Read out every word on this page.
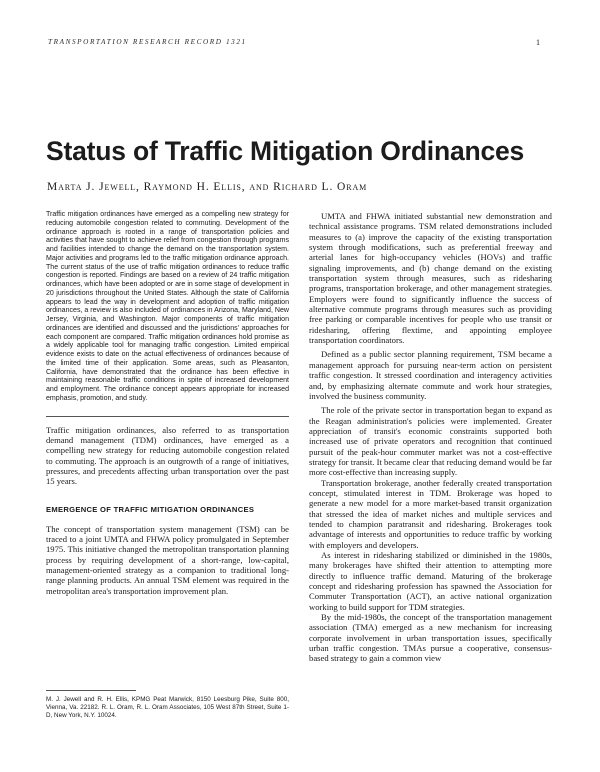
TRANSPORTATION RESEARCH RECORD 1321	1
Status of Traffic Mitigation Ordinances
Marta J. Jewell, Raymond H. Ellis, and Richard L. Oram

Traffic mitigation ordinances have emerged as a compelling new strategy for reducing automobile congestion related to commuting. Development of the ordinance approach is rooted in a range of transportation policies and activities that have sought to achieve relief from congestion through programs and facilities intended to change the demand on the transportation system. Major activities and programs led to the traffic mitigation ordinance approach. The current status of the use of traffic mitigation ordinances to reduce traffic congestion is reported. Findings are based on a review of 24 traffic mitigation ordinances, which have been adopted or are in some stage of development in 20 jurisdictions throughout the United States. Although the state of California appears to lead the way in development and adoption of traffic mitigation ordinances, a review is also included of ordinances in Arizona, Maryland, New Jersey, Virginia, and Washington. Major components of traffic mitigation ordinances are identified and discussed and the jurisdictions' approaches for each component are compared. Traffic mitigation ordinances hold promise as a widely applicable tool for managing traffic congestion. Limited empirical evidence exists to date on the actual effectiveness of ordinances because of the limited time of their application. Some areas, such as Pleasanton, California, have demonstrated that the ordinance has been effective in maintaining reasonable traffic conditions in spite of increased development and employment. The ordinance concept appears appropriate for increased emphasis, promotion, and study.

Traffic mitigation ordinances, also referred to as transportation demand management (TDM) ordinances, have emerged as a compelling new strategy for reducing automobile congestion related to commuting. The approach is an outgrowth of a range of initiatives, pressures, and precedents affecting urban transportation over the past 15 years.

EMERGENCE OF TRAFFIC MITIGATION ORDINANCES

The concept of transportation system management (TSM) can be traced to a joint UMTA and FHWA policy promulgated in September 1975. This initiative changed the metropolitan transportation planning process by requiring development of a short-range, low-capital, management-oriented strategy as a companion to traditional long-range planning products. An annual TSM element was required in the metropolitan area's transportation improvement plan.

M. J. Jewell and R. H. Ellis, KPMG Peat Marwick, 8150 Leesburg Pike, Suite 800, Vienna, Va. 22182. R. L. Oram, R. L. Oram Associates, 105 West 87th Street, Suite 1-D, New York, N.Y. 10024.

UMTA and FHWA initiated substantial new demonstration and technical assistance programs. TSM related demonstrations included measures to (a) improve the capacity of the existing transportation system through modifications, such as preferential freeway and arterial lanes for high-occupancy vehicles (HOVs) and traffic signaling improvements, and (b) change demand on the existing transportation system through measures, such as ridesharing programs, transportation brokerage, and other management strategies. Employers were found to significantly influence the success of alternative commute programs through measures such as providing free parking or comparable incentives for people who use transit or ridesharing, offering flextime, and appointing employee transportation coordinators.

Defined as a public sector planning requirement, TSM became a management approach for pursuing near-term action on persistent traffic congestion. It stressed coordination and interagency activities and, by emphasizing alternate commute and work hour strategies, involved the business community.

The role of the private sector in transportation began to expand as the Reagan administration's policies were implemented. Greater appreciation of transit's economic constraints supported both increased use of private operators and recognition that continued pursuit of the peak-hour commuter market was not a cost-effective strategy for transit. It became clear that reducing demand would be far more cost-effective than increasing supply.

Transportation brokerage, another federally created transportation concept, stimulated interest in TDM. Brokerage was hoped to generate a new model for a more market-based transit organization that stressed the idea of market niches and multiple services and tended to champion paratransit and ridesharing. Brokerages took advantage of interests and opportunities to reduce traffic by working with employers and developers.

As interest in ridesharing stabilized or diminished in the 1980s, many brokerages have shifted their attention to attempting more directly to influence traffic demand. Maturing of the brokerage concept and ridesharing profession has spawned the Association for Commuter Transportation (ACT), an active national organization working to build support for TDM strategies.

By the mid-1980s, the concept of the transportation management association (TMA) emerged as a new mechanism for increasing corporate involvement in urban transportation issues, specifically urban traffic congestion. TMAs pursue a cooperative, consensus-based strategy to gain a common view
